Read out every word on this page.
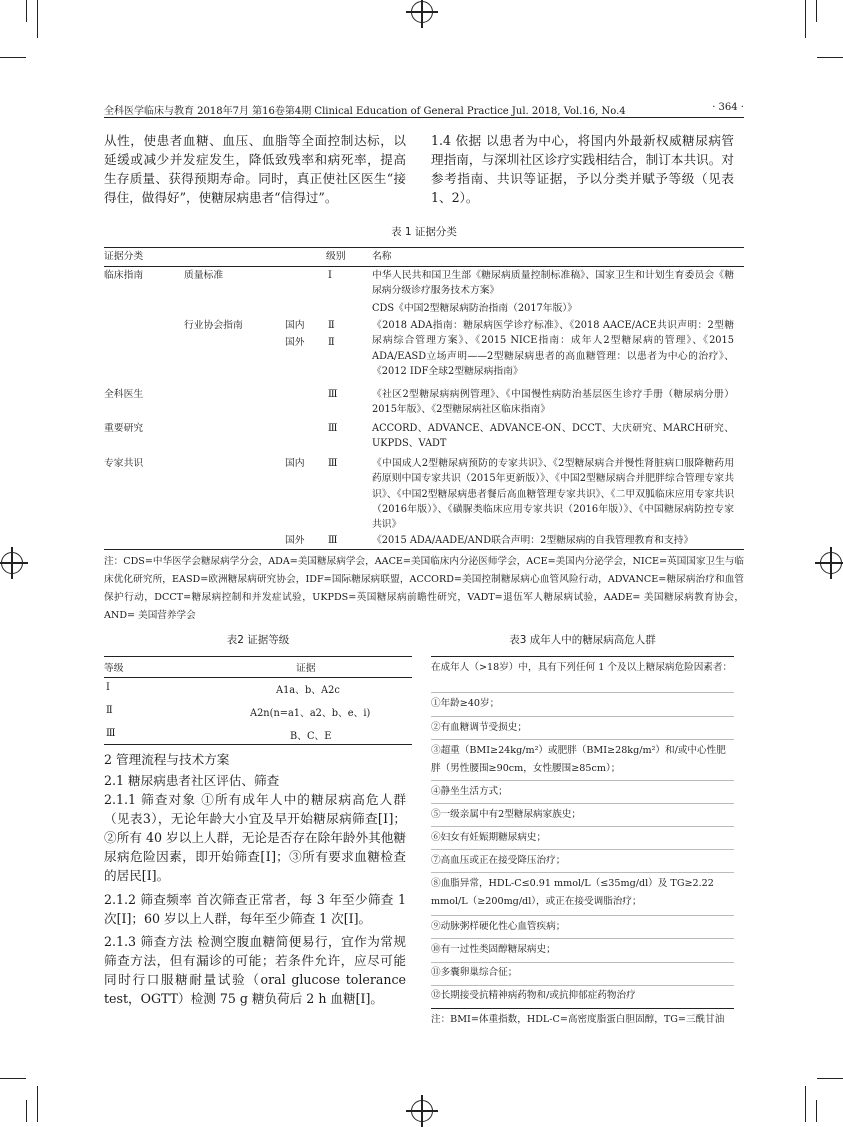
全科医学临床与教育 2018年7月 第16卷第4期 Clinical Education of General Practice Jul. 2018, Vol.16, No.4	· 364 ·

从性，使患者血糖、血压、血脂等全面控制达标，以延缓或减少并发症发生，降低致残率和病死率，提高生存质量、获得预期寿命。同时，真正使社区医生“接得住，做得好”，使糖尿病患者“信得过”。

1.4 依据 以患者为中心，将国内外最新权威糖尿病管理指南，与深圳社区诊疗实践相结合，制订本共识。对参考指南、共识等证据，予以分类并赋予等级（见表1、2）。

表 1 证据分类
证据分类	级别	名称
临床指南	质量标准	Ⅰ	中华人民共和国卫生部《糖尿病质量控制标准稿》、国家卫生和计划生育委员会《糖尿病分级诊疗服务技术方案》
CDS《中国2型糖尿病防治指南（2017年版）》
行业协会指南	国内 Ⅱ	《2018 ADA指南：糖尿病医学诊疗标准》、《2018 AACE/ACE共识声明：2型糖尿病综合管理方案》、《2015 NICE指南：成年人2型糖尿病的管理》、《2015 ADA/EASD立场声明——2型糖尿病患者的高血糖管理：以患者为中心的治疗》、《2012 IDF全球2型糖尿病指南》
国外 Ⅱ
全科医生	Ⅲ	《社区2型糖尿病病例管理》、《中国慢性病防治基层医生诊疗手册（糖尿病分册）2015年版》、《2型糖尿病社区临床指南》
重要研究	Ⅲ	ACCORD、ADVANCE、ADVANCE-ON、DCCT、大庆研究、MARCH研究、UKPDS、VADT
专家共识	国内 Ⅲ	《中国成人2型糖尿病预防的专家共识》、《2型糖尿病合并慢性肾脏病口服降糖药用药原则中国专家共识（2015年更新版）》、《中国2型糖尿病合并肥胖综合管理专家共识》、《中国2型糖尿病患者餐后高血糖管理专家共识》、《二甲双胍临床应用专家共识（2016年版）》、《磺脲类临床应用专家共识（2016年版）》、《中国糖尿病防控专家共识》
国外 Ⅲ	《2015 ADA/AADE/AND联合声明：2型糖尿病的自我管理教育和支持》
注：CDS=中华医学会糖尿病学分会，ADA=美国糖尿病学会，AACE=美国临床内分泌医师学会，ACE=美国内分泌学会，NICE=英国国家卫生与临床优化研究所，EASD=欧洲糖尿病研究协会，IDF=国际糖尿病联盟，ACCORD=美国控制糖尿病心血管风险行动，ADVANCE=糖尿病治疗和血管保护行动，DCCT=糖尿病控制和并发症试验，UKPDS=英国糖尿病前瞻性研究，VADT=退伍军人糖尿病试验，AADE= 美国糖尿病教育协会，AND= 美国营养学会
表2 证据等级
等级	证据
Ⅰ	A1a、b、A2c
Ⅱ	A2n(n=a1、a2、b、e、i)
Ⅲ	B、C、E
2 管理流程与技术方案
2.1 糖尿病患者社区评估、筛查

2.1.1 筛查对象 ①所有成年人中的糖尿病高危人群（见表3），无论年龄大小宜及早开始糖尿病筛查[Ⅰ]；②所有 40 岁以上人群，无论是否存在除年龄外其他糖尿病危险因素，即开始筛查[Ⅰ]；③所有要求血糖检查的居民[Ⅰ]。

2.1.2 筛查频率 首次筛查正常者，每 3 年至少筛查 1 次[Ⅰ]；60 岁以上人群，每年至少筛查 1 次[Ⅰ]。

2.1.3 筛查方法 检测空腹血糖简便易行，宜作为常规筛查方法，但有漏诊的可能；若条件允许，应尽可能同时行口服糖耐量试验（oral glucose tolerance test，OGTT）检测 75 g 糖负荷后 2 h 血糖[Ⅰ]。

表3 成年人中的糖尿病高危人群
在成年人（>18岁）中，具有下列任何 1 个及以上糖尿病危险因素者：
①年龄≥40岁；
②有血糖调节受损史；
③超重（BMI≥24kg/m²）或肥胖（BMI≥28kg/m²）和/或中心性肥胖（男性腰围≥90cm，女性腰围≥85cm）；
④静坐生活方式；
⑤一级亲属中有2型糖尿病家族史；
⑥妇女有妊娠期糖尿病史；
⑦高血压或正在接受降压治疗；
⑧血脂异常，HDL-C≤0.91 mmol/L（≤35mg/dl）及 TG≥2.22 mmol/L（≥200mg/dl），或正在接受调脂治疗；
⑨动脉粥样硬化性心血管疾病；
⑩有一过性类固醇糖尿病史；
⑪多囊卵巢综合征；
⑫长期接受抗精神病药物和/或抗抑郁症药物治疗
注：BMI=体重指数，HDL-C=高密度脂蛋白胆固醇，TG=三酰甘油
